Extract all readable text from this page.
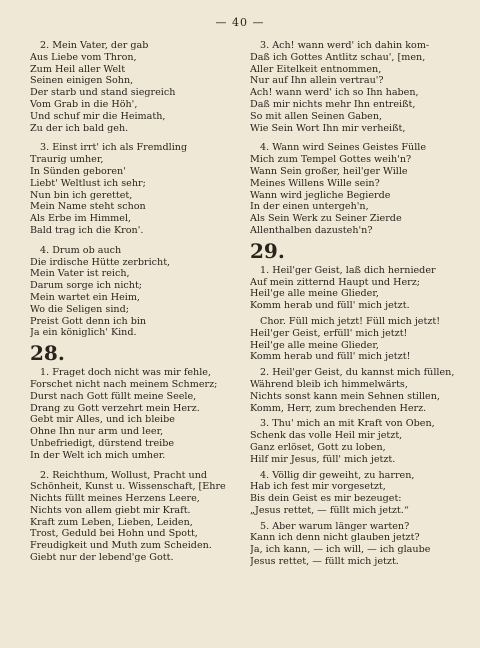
— 40 —
2. Mein Vater, der gab
Aus Liebe vom Thron,
Zum Heil aller Welt
Seinen einigen Sohn,
Der starb und stand siegreich
Vom Grab in die Höh',
Und schuf mir die Heimath,
Zu der ich bald geh.
3. Einst irrt' ich als Fremdling
Traurig umher,
In Sünden geboren'
Liebt' Weltlust ich sehr;
Nun bin ich gerettet,
Mein Name steht schon
Als Erbe im Himmel,
Bald trag ich die Kron'.
4. Drum ob auch
Die irdische Hütte zerbricht,
Mein Vater ist reich,
Darum sorge ich nicht;
Mein wartet ein Heim,
Wo die Seligen sind;
Preist Gott denn ich bin
Ja ein königlich' Kind.
28.
1. Fraget doch nicht was mir fehle,
Forschet nicht nach meinem Schmerz;
Durst nach Gott füllt meine Seele,
Drang zu Gott verzehrt mein Herz.
Gebt mir Alles, und ich bleibe
Ohne Ihn nur arm und leer,
Unbefriedigt, dürstend treibe
In der Welt ich mich umher.
2. Reichthum, Wollust, Pracht und
Schönheit, Kunst u. Wissenschaft, [Ehre
Nichts füllt meines Herzens Leere,
Nichts von allem giebt mir Kraft.
Kraft zum Leben, Lieben, Leiden,
Trost, Geduld bei Hohn und Spott,
Freudigkeit und Muth zum Scheiden.
Giebt nur der lebend'ge Gott.
3. Ach! wann werd' ich dahin kom-
Daß ich Gottes Antlitz schau', [men,
Aller Eitelkeit entnommen,
Nur auf Ihn allein vertrau'?
Ach! wann werd' ich so Ihn haben,
Daß mir nichts mehr Ihn entreißt,
So mit allen Seinen Gaben,
Wie Sein Wort Ihn mir verheißt,
4. Wann wird Seines Geistes Fülle
Mich zum Tempel Gottes weih'n?
Wann Sein großer, heil'ger Wille
Meines Willens Wille sein?
Wann wird jegliche Begierde
In der einen untergeh'n,
Als Sein Werk zu Seiner Zierde
Allenthalben dazusteh'n?
29.
1. Heil'ger Geist, laß dich hernieder
Auf mein zitternd Haupt und Herz;
Heil'ge alle meine Glieder,
Komm herab und füll' mich jetzt.
Chor. Füll mich jetzt! Füll mich jetzt!
Heil'ger Geist, erfüll' mich jetzt!
Heil'ge alle meine Glieder,
Komm herab und füll' mich jetzt!
2. Heil'ger Geist, du kannst mich füllen,
Während bleib ich himmelwärts,
Nichts sonst kann mein Sehnen stillen,
Komm, Herr, zum brechenden Herz.
3. Thu' mich an mit Kraft von Oben,
Schenk das volle Heil mir jetzt,
Ganz erlöset, Gott zu loben,
Hilf mir Jesus, füll' mich jetzt.
4. Völlig dir geweiht, zu harren,
Hab ich fest mir vorgesetzt,
Bis dein Geist es mir bezeuget:
„Jesus rettet, — füllt mich jetzt.“
5. Aber warum länger warten?
Kann ich denn nicht glauben jetzt?
Ja, ich kann, — ich will, — ich glaube
Jesus rettet, — füllt mich jetzt.
